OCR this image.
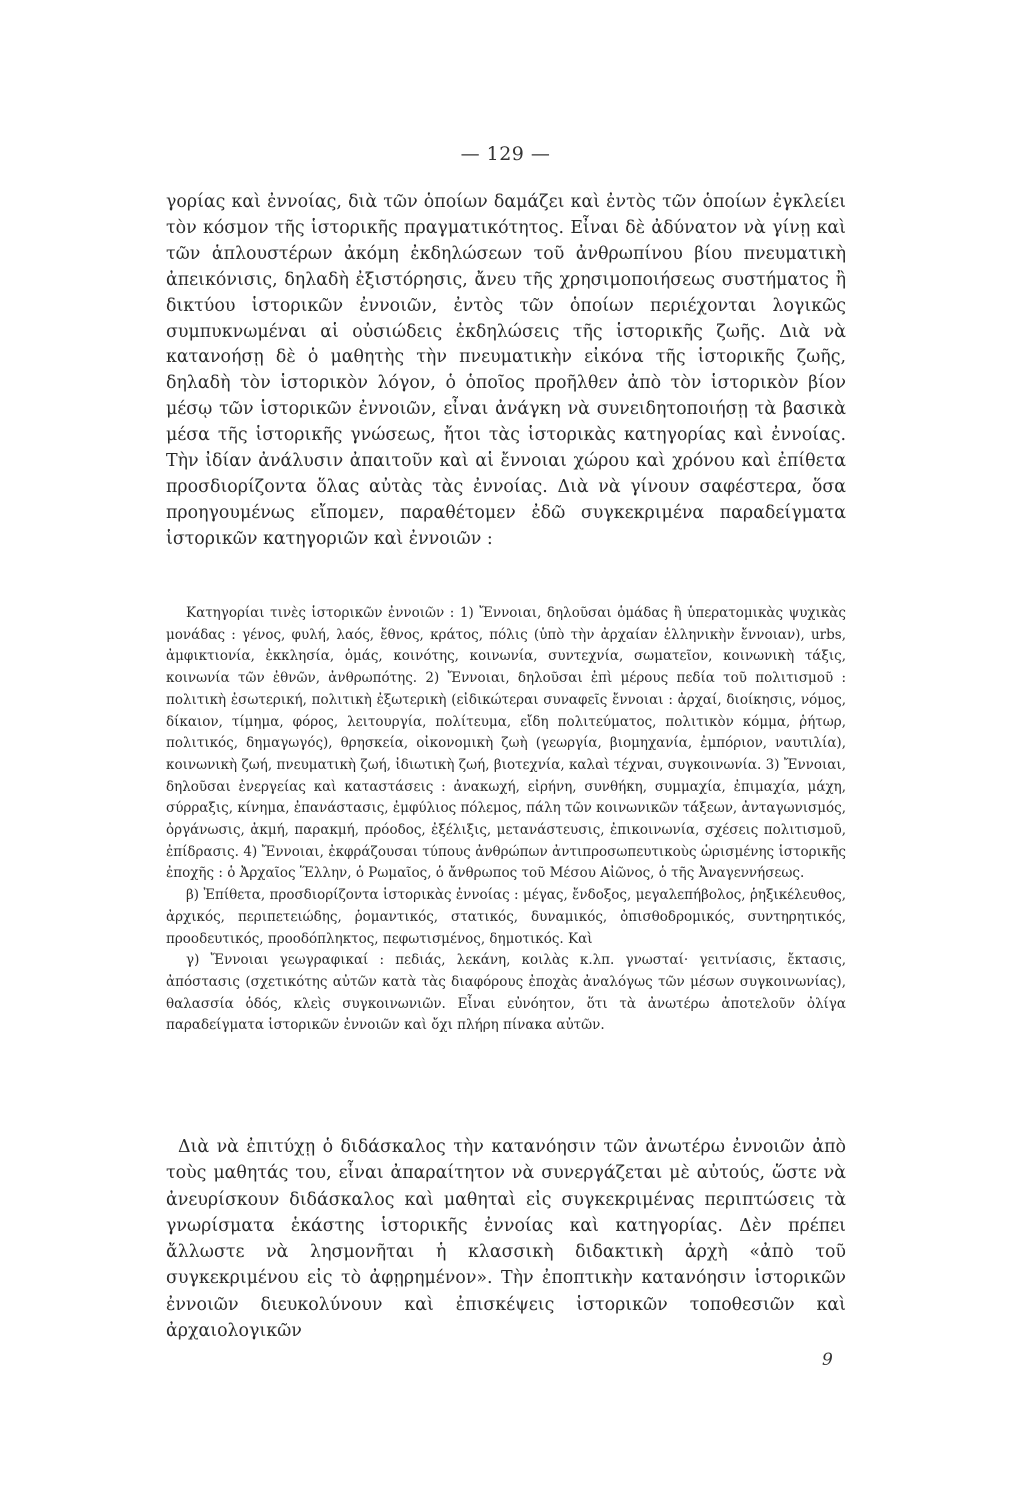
— 129 —

γορίας καὶ ἐννοίας, διὰ τῶν ὁποίων δαμάζει καὶ ἐντὸς τῶν ὁποίων ἐγκλείει τὸν κόσμον τῆς ἱστορικῆς πραγματικότητος. Εἶναι δὲ ἀδύνατον νὰ γίνῃ καὶ τῶν ἁπλουστέρων ἀκόμη ἐκδηλώσεων τοῦ ἀνθρωπίνου βίου πνευματικὴ ἀπεικόνισις, δηλαδὴ ἐξιστόρησις, ἄνευ τῆς χρησιμοποιήσεως συστήματος ἢ δικτύου ἱστορικῶν ἐννοιῶν, ἐντὸς τῶν ὁποίων περιέχονται λογικῶς συμπυκνωμέναι αἱ οὐσιώδεις ἐκδηλώσεις τῆς ἱστορικῆς ζωῆς. Διὰ νὰ κατανοήσῃ δὲ ὁ μαθητὴς τὴν πνευματικὴν εἰκόνα τῆς ἱστορικῆς ζωῆς, δηλαδὴ τὸν ἱστορικὸν λόγον, ὁ ὁποῖος προῆλθεν ἀπὸ τὸν ἱστορικὸν βίον μέσῳ τῶν ἱστορικῶν ἐννοιῶν, εἶναι ἀνάγκη νὰ συνειδητοποιήσῃ τὰ βασικὰ μέσα τῆς ἱστορικῆς γνώσεως, ἤτοι τὰς ἱστορικὰς κατηγορίας καὶ ἐννοίας. Τὴν ἰδίαν ἀνάλυσιν ἀπαιτοῦν καὶ αἱ ἔννοιαι χώρου καὶ χρόνου καὶ ἐπίθετα προσδιορίζοντα ὅλας αὐτὰς τὰς ἐννοίας. Διὰ νὰ γίνουν σαφέστερα, ὅσα προηγουμένως εἴπομεν, παραθέτομεν ἐδῶ συγκεκριμένα παραδείγματα ἱστορικῶν κατηγοριῶν καὶ ἐννοιῶν :

Κατηγορίαι τινὲς ἱστορικῶν ἐννοιῶν : 1) Ἔννοιαι, δηλοῦσαι ὁμάδας ἢ ὑπερατομικὰς ψυχικὰς μονάδας : γένος, φυλή, λαός, ἔθνος, κράτος, πόλις (ὑπὸ τὴν ἀρχαίαν ἑλληνικὴν ἔννοιαν), urbs, ἀμφικτιονία, ἐκκλησία, ὁμάς, κοινότης, κοινωνία, συντεχνία, σωματεῖον, κοινωνικὴ τάξις, κοινωνία τῶν ἐθνῶν, ἀνθρωπότης. 2) Ἔννοιαι, δηλοῦσαι ἐπὶ μέρους πεδία τοῦ πολιτισμοῦ : πολιτικὴ ἐσωτερική, πολιτικὴ ἐξωτερικὴ (εἰδικώτεραι συναφεῖς ἔννοιαι : ἀρχαί, διοίκησις, νόμος, δίκαιον, τίμημα, φόρος, λειτουργία, πολίτευμα, εἴδη πολιτεύματος, πολιτικὸν κόμμα, ῥήτωρ, πολιτικός, δημαγωγός), θρησκεία, οἰκονομικὴ ζωὴ (γεωργία, βιομηχανία, ἐμπόριον, ναυτιλία), κοινωνικὴ ζωή, πνευματικὴ ζωή, ἰδιωτικὴ ζωή, βιοτεχνία, καλαὶ τέχναι, συγκοινωνία. 3) Ἔννοιαι, δηλοῦσαι ἐνεργείας καὶ καταστάσεις : ἀνακωχή, εἰρήνη, συνθήκη, συμμαχία, ἐπιμαχία, μάχη, σύρραξις, κίνημα, ἐπανάστασις, ἐμφύλιος πόλεμος, πάλη τῶν κοινωνικῶν τάξεων, ἀνταγωνισμός, ὀργάνωσις, ἀκμή, παρακμή, πρόοδος, ἐξέλιξις, μετανάστευσις, ἐπικοινωνία, σχέσεις πολιτισμοῦ, ἐπίδρασις. 4) Ἔννοιαι, ἐκφράζουσαι τύπους ἀνθρώπων ἀντιπροσωπευτικοὺς ὡρισμένης ἱστορικῆς ἐποχῆς : ὁ Ἀρχαῖος Ἕλλην, ὁ Ρωμαῖος, ὁ ἄνθρωπος τοῦ Μέσου Αἰῶνος, ὁ τῆς Ἀναγεννήσεως.

β) Ἐπίθετα, προσδιορίζοντα ἱστορικὰς ἐννοίας : μέγας, ἔνδοξος, μεγαλεπήβολος, ῥηξικέλευθος, ἀρχικός, περιπετειώδης, ῥομαντικός, στατικός, δυναμικός, ὀπισθοδρομικός, συντηρητικός, προοδευτικός, προοδόπληκτος, πεφωτισμένος, δημοτικός. Καὶ

γ) Ἔννοιαι γεωγραφικαί : πεδιάς, λεκάνη, κοιλὰς κ.λπ. γνωσταί· γειτνίασις, ἔκτασις, ἀπόστασις (σχετικότης αὐτῶν κατὰ τὰς διαφόρους ἐποχὰς ἀναλόγως τῶν μέσων συγκοινωνίας), θαλασσία ὁδός, κλεὶς συγκοινωνιῶν. Εἶναι εὐνόητον, ὅτι τὰ ἀνωτέρω ἀποτελοῦν ὀλίγα παραδείγματα ἱστορικῶν ἐννοιῶν καὶ ὄχι πλήρη πίνακα αὐτῶν.

Διὰ νὰ ἐπιτύχῃ ὁ διδάσκαλος τὴν κατανόησιν τῶν ἀνωτέρω ἐννοιῶν ἀπὸ τοὺς μαθητάς του, εἶναι ἀπαραίτητον νὰ συνεργάζεται μὲ αὐτούς, ὥστε νὰ ἀνευρίσκουν διδάσκαλος καὶ μαθηταὶ εἰς συγκεκριμένας περιπτώσεις τὰ γνωρίσματα ἑκάστης ἱστορικῆς ἐννοίας καὶ κατηγορίας. Δὲν πρέπει ἄλλωστε νὰ λησμονῆται ἡ κλασσικὴ διδακτικὴ ἀρχὴ «ἀπὸ τοῦ συγκεκριμένου εἰς τὸ ἀφῃρημένον». Τὴν ἐποπτικὴν κατανόησιν ἱστορικῶν ἐννοιῶν διευκολύνουν καὶ ἐπισκέψεις ἱστορικῶν τοποθεσιῶν καὶ ἀρχαιολογικῶν

9
